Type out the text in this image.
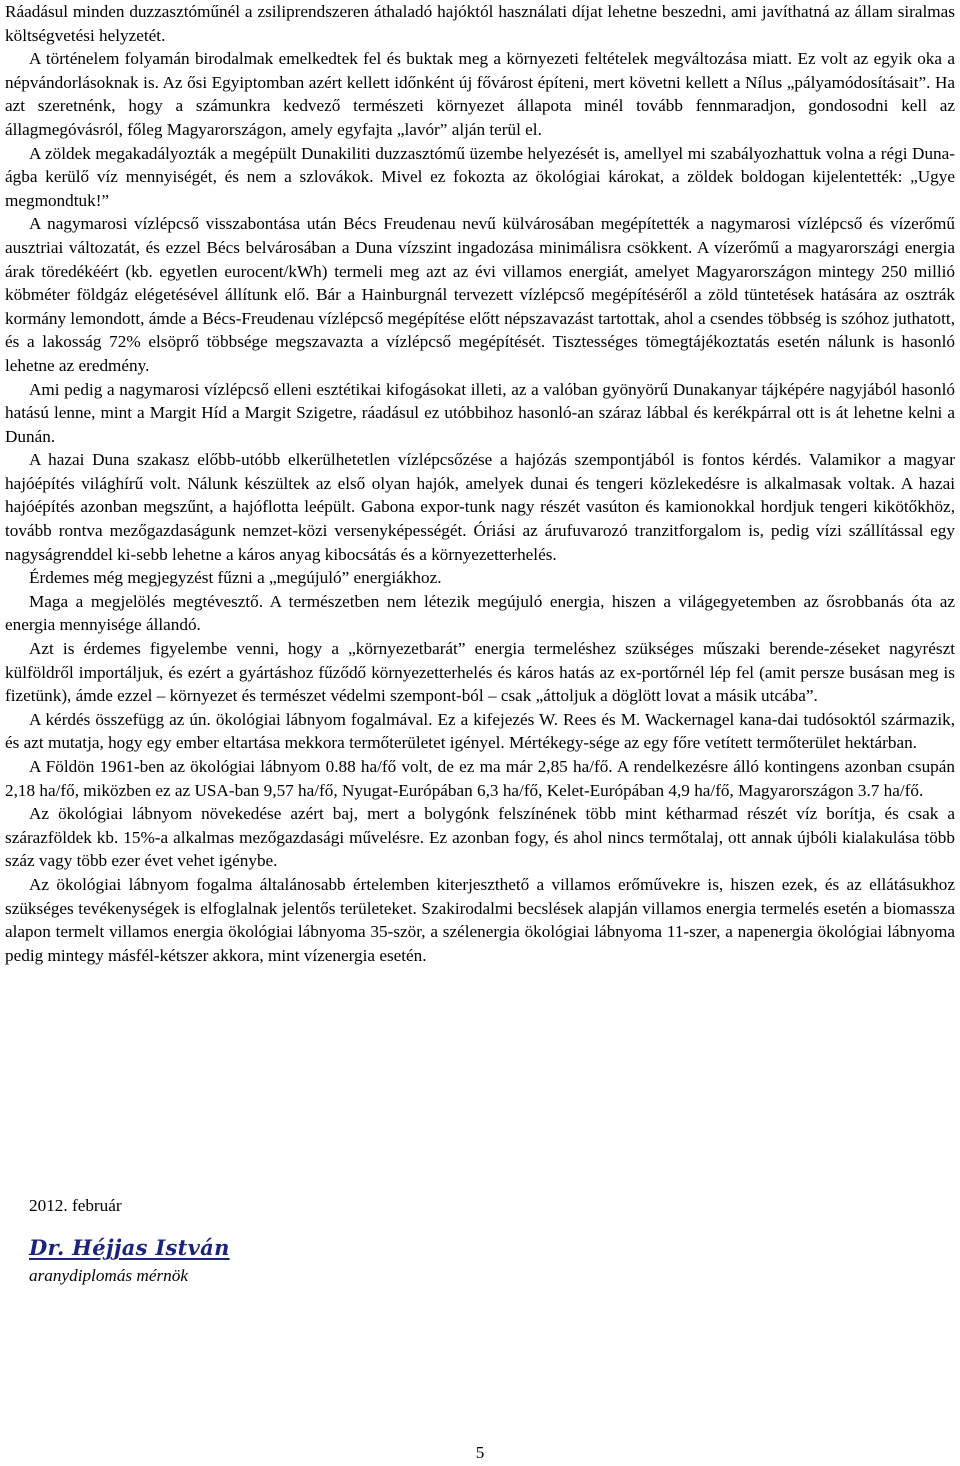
Ráadásul minden duzzasztóműnél a zsiliprendszeren áthaladó hajóktól használati díjat lehetne beszedni, ami javíthatná az állam siralmas költségvetési helyzetét.

A történelem folyamán birodalmak emelkedtek fel és buktak meg a környezeti feltételek megváltozása miatt. Ez volt az egyik oka a népvándorlásoknak is. Az ősi Egyiptomban azért kellett időnként új fővárost építeni, mert követni kellett a Nílus „pályamódosításait”. Ha azt szeretnénk, hogy a számunkra kedvező természeti környezet állapota minél tovább fennmaradjon, gondosodni kell az állagmegóvásról, főleg Magyarországon, amely egyfajta „lavór” alján terül el.

A zöldek megakadályozták a megépült Dunakiliti duzzasztómű üzembe helyezését is, amellyel mi szabályozhattuk volna a régi Duna-ágba kerülő víz mennyiségét, és nem a szlovákok. Mivel ez fokozta az ökológiai károkat, a zöldek boldogan kijelentették: „Ugye megmondtuk!”

A nagymarosi vízlépcső visszabontása után Bécs Freudenau nevű külvárosában megépítették a nagymarosi vízlépcső és vízerőmű ausztriai változatát, és ezzel Bécs belvárosában a Duna vízszint ingadozása minimálisra csökkent. A vízerőmű a magyarországi energia árak töredékéért (kb. egyetlen eurocent/kWh) termeli meg azt az évi villamos energiát, amelyet Magyarországon mintegy 250 millió köbméter földgáz elégetésével állítunk elő. Bár a Hainburgnál tervezett vízlépcső megépítéséről a zöld tüntetések hatására az osztrák kormány lemondott, ámde a Bécs-Freudenau vízlépcső megépítése előtt népszavazást tartottak, ahol a csendes többség is szóhoz juthatott, és a lakosság 72% elsöprő többsége megszavazta a vízlépcső megépítését. Tisztességes tömegtájékoztatás esetén nálunk is hasonló lehetne az eredmény.

Ami pedig a nagymarosi vízlépcső elleni esztétikai kifogásokat illeti, az a valóban gyönyörű Dunakanyar tájképére nagyjából hasonló hatású lenne, mint a Margit Híd a Margit Szigetre, ráadásul ez utóbbihoz hasonló-an száraz lábbal és kerékpárral ott is át lehetne kelni a Dunán.

A hazai Duna szakasz előbb-utóbb elkerülhetetlen vízlépcsőzése a hajózás szempontjából is fontos kérdés. Valamikor a magyar hajóépítés világhírű volt. Nálunk készültek az első olyan hajók, amelyek dunai és tengeri közlekedésre is alkalmasak voltak. A hazai hajóépítés azonban megszűnt, a hajóflotta leépült. Gabona expor-tunk nagy részét vasúton és kamionokkal hordjuk tengeri kikötőkhöz, tovább rontva mezőgazdaságunk nemzet-közi versenyképességét. Óriási az árufuvarozó tranzitforgalom is, pedig vízi szállítással egy nagyságrenddel ki-sebb lehetne a káros anyag kibocsátás és a környezetterhelés.

Érdemes még megjegyzést fűzni a „megújuló” energiákhoz.

Maga a megjelölés megtévesztő. A természetben nem létezik megújuló energia, hiszen a világegyetemben az ősrobbanás óta az energia mennyisége állandó.

Azt is érdemes figyelembe venni, hogy a „környezetbarát” energia termeléshez szükséges műszaki berende-zéseket nagyrészt külföldről importáljuk, és ezért a gyártáshoz fűződő környezetterhelés és káros hatás az ex-portőrnél lép fel (amit persze busásan meg is fizetünk), ámde ezzel – környezet és természet védelmi szempont-ból – csak „áttoljuk a döglött lovat a másik utcába”.

A kérdés összefügg az ún. ökológiai lábnyom fogalmával. Ez a kifejezés W. Rees és M. Wackernagel kana-dai tudósoktól származik, és azt mutatja, hogy egy ember eltartása mekkora termőterületet igényel. Mértékegy-sége az egy főre vetített termőterület hektárban.

A Földön 1961-ben az ökológiai lábnyom 0.88 ha/fő volt, de ez ma már 2,85 ha/fő. A rendelkezésre álló kontingens azonban csupán 2,18 ha/fő, miközben ez az USA-ban 9,57 ha/fő, Nyugat-Európában 6,3 ha/fő, Kelet-Európában 4,9 ha/fő, Magyarországon 3.7 ha/fő.

Az ökológiai lábnyom növekedése azért baj, mert a bolygónk felszínének több mint kétharmad részét víz borítja, és csak a szárazföldek kb. 15%-a alkalmas mezőgazdasági művelésre. Ez azonban fogy, és ahol nincs termőtalaj, ott annak újbóli kialakulása több száz vagy több ezer évet vehet igénybe.

Az ökológiai lábnyom fogalma általánosabb értelemben kiterjeszthető a villamos erőművekre is, hiszen ezek, és az ellátásukhoz szükséges tevékenységek is elfoglalnak jelentős területeket. Szakirodalmi becslések alapján villamos energia termelés esetén a biomassza alapon termelt villamos energia ökológiai lábnyoma 35-ször, a szélenergia ökológiai lábnyoma 11-szer, a napenergia ökológiai lábnyoma pedig mintegy másfél-kétszer akkora, mint vízenergia esetén.

2012. február

Dr. Héjjas István

aranydiplomás mérnök

5
